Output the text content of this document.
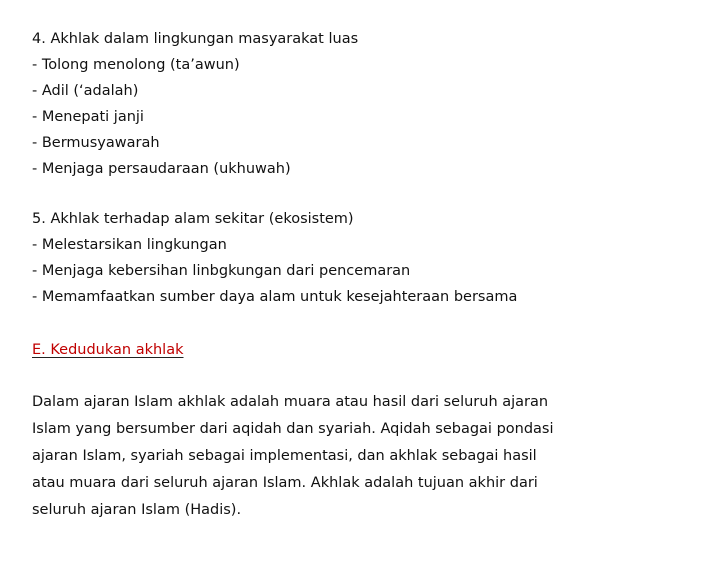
4. Akhlak dalam lingkungan masyarakat luas
- Tolong menolong (ta’awun)
- Adil (‘adalah)
- Menepati janji
- Bermusyawarah
- Menjaga persaudaraan (ukhuwah)
5. Akhlak terhadap alam sekitar (ekosistem)
- Melestarsikan lingkungan
- Menjaga kebersihan linbgkungan dari pencemaran
- Memamfaatkan sumber daya alam untuk kesejahteraan bersama
E. Kedudukan akhlak
Dalam ajaran Islam akhlak adalah muara atau hasil dari seluruh ajaran
Islam yang bersumber dari aqidah dan syariah. Aqidah sebagai pondasi
ajaran Islam, syariah sebagai implementasi, dan akhlak sebagai hasil
atau muara dari seluruh ajaran Islam. Akhlak adalah tujuan akhir dari
seluruh ajaran Islam (Hadis).
